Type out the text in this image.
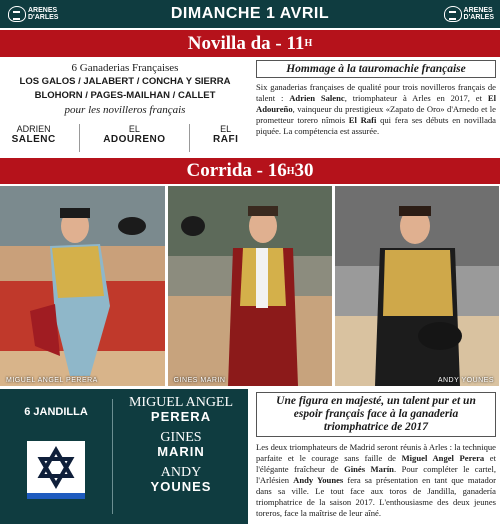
ARENES
D'ARLES	DIMANCHE 1 AVRIL	ARENES
D'ARLES
Novilla da - 11 H
6 Ganaderias Françaises
LOS GALOS / JALABERT / CONCHA Y SIERRA
BLOHORN / PAGES-MAILHAN / CALLET
pour les novilleros français
ADRIEN
SALENC
EL
ADOURENO
EL
RAFI
Hommage à la tauromachie française

Six ganaderias françaises de qualité pour trois novilleros français de talent : Adrien Salenc, triomphateur à Arles en 2017, et El Adoureño, vainqueur du prestigieux «Zapato de Oro» d'Arnedo et le prometteur torero nîmois El Rafi qui fera ses débuts en novillada piquée. La compétencia est assurée.

Corrida - 16 H 30
MIGUEL ANGEL PERERA	GINES MARIN	ANDY YOUNES
6 JANDILLA
MIGUEL ANGEL
PERERA
GINES
MARIN
ANDY
YOUNES
Une figura en majesté, un talent pur et un espoir français face à la ganaderia triomphatrice de 2017

Les deux triomphateurs de Madrid seront réunis à Arles : la technique parfaite et le courage sans faille de Miguel Angel Perera et l'élégante fraîcheur de Ginés Marín. Pour compléter le cartel, l'Arlésien Andy Younes fera sa présentation en tant que matador dans sa ville. Le tout face aux toros de Jandilla, ganadería triomphatrice de la saison 2017. L'enthousiasme des deux jeunes toreros, face la maîtrise de leur aîné.
